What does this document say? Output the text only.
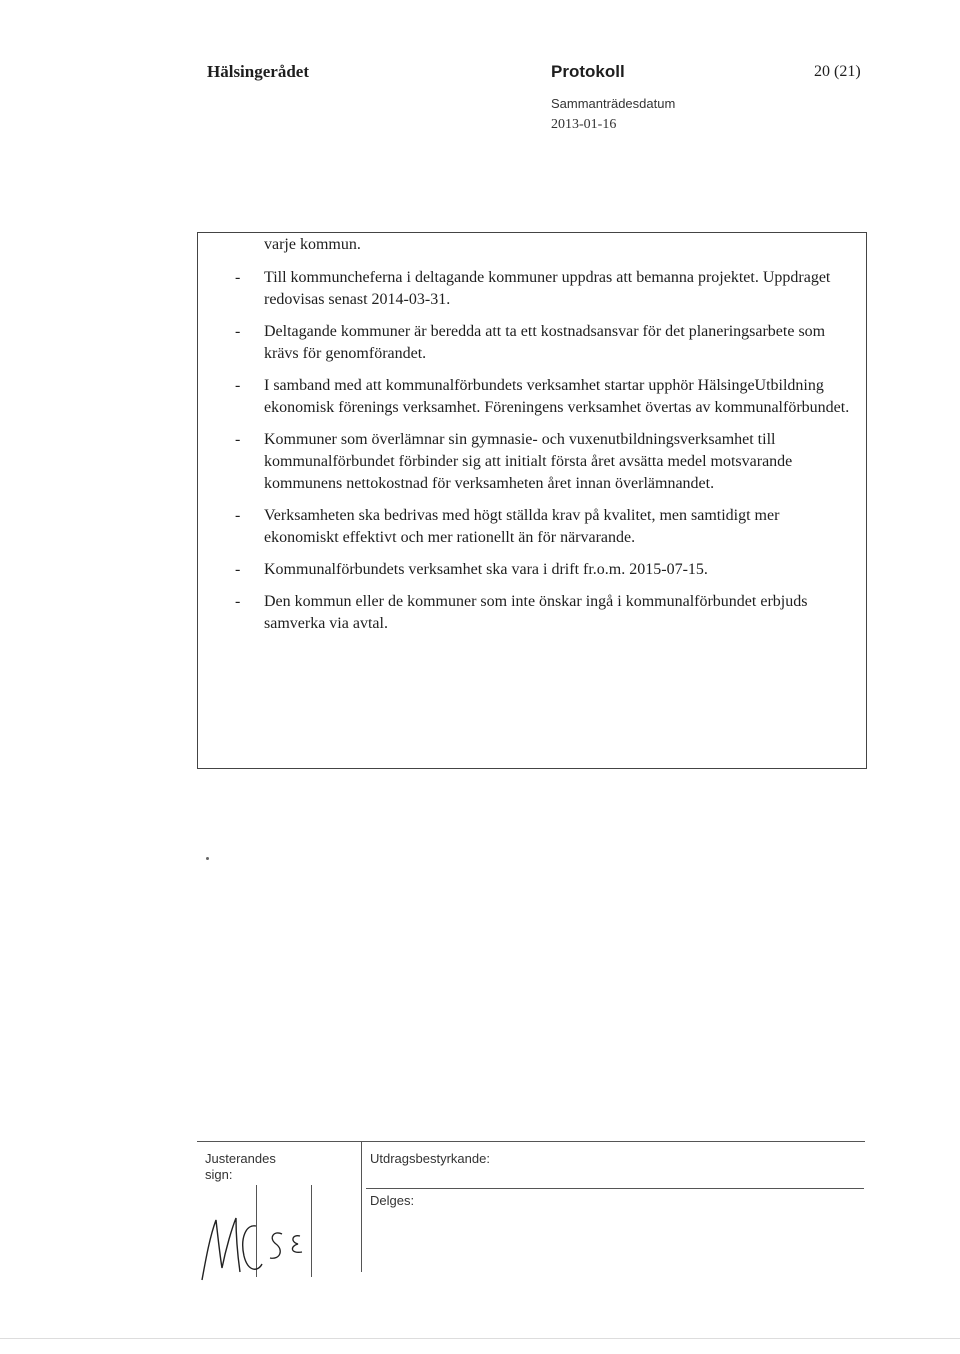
Hälsingerådet	Protokoll	20 (21)
Sammanträdesdatum
2013-01-16
varje kommun.
- Till kommuncheferna i deltagande kommuner uppdras att bemanna projektet. Uppdraget redovisas senast 2014-03-31.
- Deltagande kommuner är beredda att ta ett kostnadsansvar för det planeringsarbete som krävs för genomförandet.
- I samband med att kommunalförbundets verksamhet startar upphör HälsingeUtbildning ekonomisk förenings verksamhet. Föreningens verksamhet övertas av kommunalförbundet.
- Kommuner som överlämnar sin gymnasie- och vuxenutbildningsverksamhet till kommunalförbundet förbinder sig att initialt första året avsätta medel motsvarande kommunens nettokostnad för verksamheten året innan överlämnandet.
- Verksamheten ska bedrivas med högt ställda krav på kvalitet, men samtidigt mer ekonomiskt effektivt och mer rationellt än för närvarande.
- Kommunalförbundets verksamhet ska vara i drift fr.o.m. 2015-07-15.
- Den kommun eller de kommuner som inte önskar ingå i kommunalförbundet erbjuds samverka via avtal.
Justerandes sign:
Utdragsbestyrkande:
Delges:
